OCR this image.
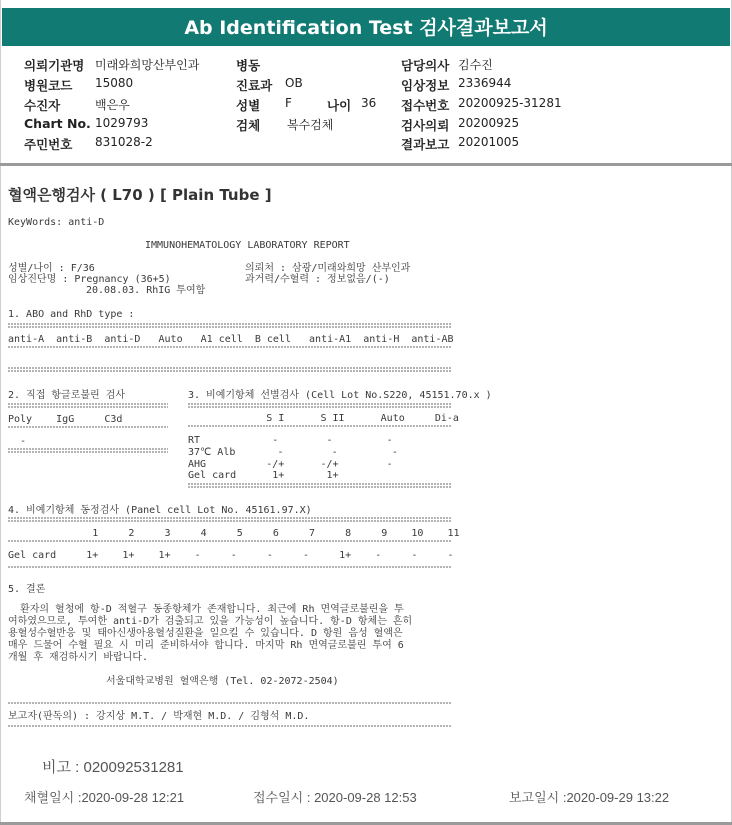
Ab Identification Test 검사결과보고서
의뢰기관명 미래와희망산부인과
병원코드 15080
수진자	백은우
Chart No. 1029793
주민번호 831028-2
병동
진료과 OB
성별 F	나이 36
검체 복수검체
담당의사 김수진
임상정보 2336944
접수번호 20200925-31281
검사의뢰 20200925
결과보고 20201005
혈액은행검사 ( L70 ) [ Plain Tube ]
KeyWords: anti-D
IMMUNOHEMATOLOGY LABORATORY REPORT
성별/나이 : F/36
임상진단명 : Pregnancy (36+5)
20.08.03. RhIG 투여함
의뢰처 : 삼광/미래와희망 산부인과
과거력/수혈력 : 정보없음/(-)
1. ABO and RhD type :
anti-A  anti-B  anti-D   Auto   A1 cell  B cell   anti-A1  anti-H  anti-AB
2. 직접 항글로불린 검사
Poly    IgG     C3d
-
3. 비예기항체 선별검사 (Cell Lot No.S220, 45151.70.x )
S I      S II      Auto     Di-a
RT            -        -         -
37℃ Alb       -        -         -
AHG          -/+      -/+        -
Gel card      1+       1+
4. 비예기항체 동정검사 (Panel cell Lot No. 45161.97.X)
1     2     3     4     5     6     7     8     9    10    11
Gel card     1+    1+    1+    -     -     -     -     1+    -     -     -
5. 결론
환자의 혈청에 항-D 적혈구 동종항체가 존재합니다. 최근에 Rh 면역글로불린을 투
여하였으므로, 투여한 anti-D가 검출되고 있을 가능성이 높습니다. 항-D 항체는 흔히
용혈성수혈반응 및 태아신생아용혈성질환을 일으킬 수 있습니다. D 항원 음성 혈액은
매우 드물어 수혈 필요 시 미리 준비하셔야 합니다. 마지막 Rh 면역글로불린 투여 6
개월 후 재검하시기 바랍니다.
서울대학교병원 혈액은행 (Tel. 02-2072-2504)
보고자(판독의) : 강지상 M.T. / 박재현 M.D. / 김형석 M.D.
비고 : 020092531281
채혈일시 :2020-09-28 12:21	접수일시 : 2020-09-28 12:53	보고일시 :2020-09-29 13:22
